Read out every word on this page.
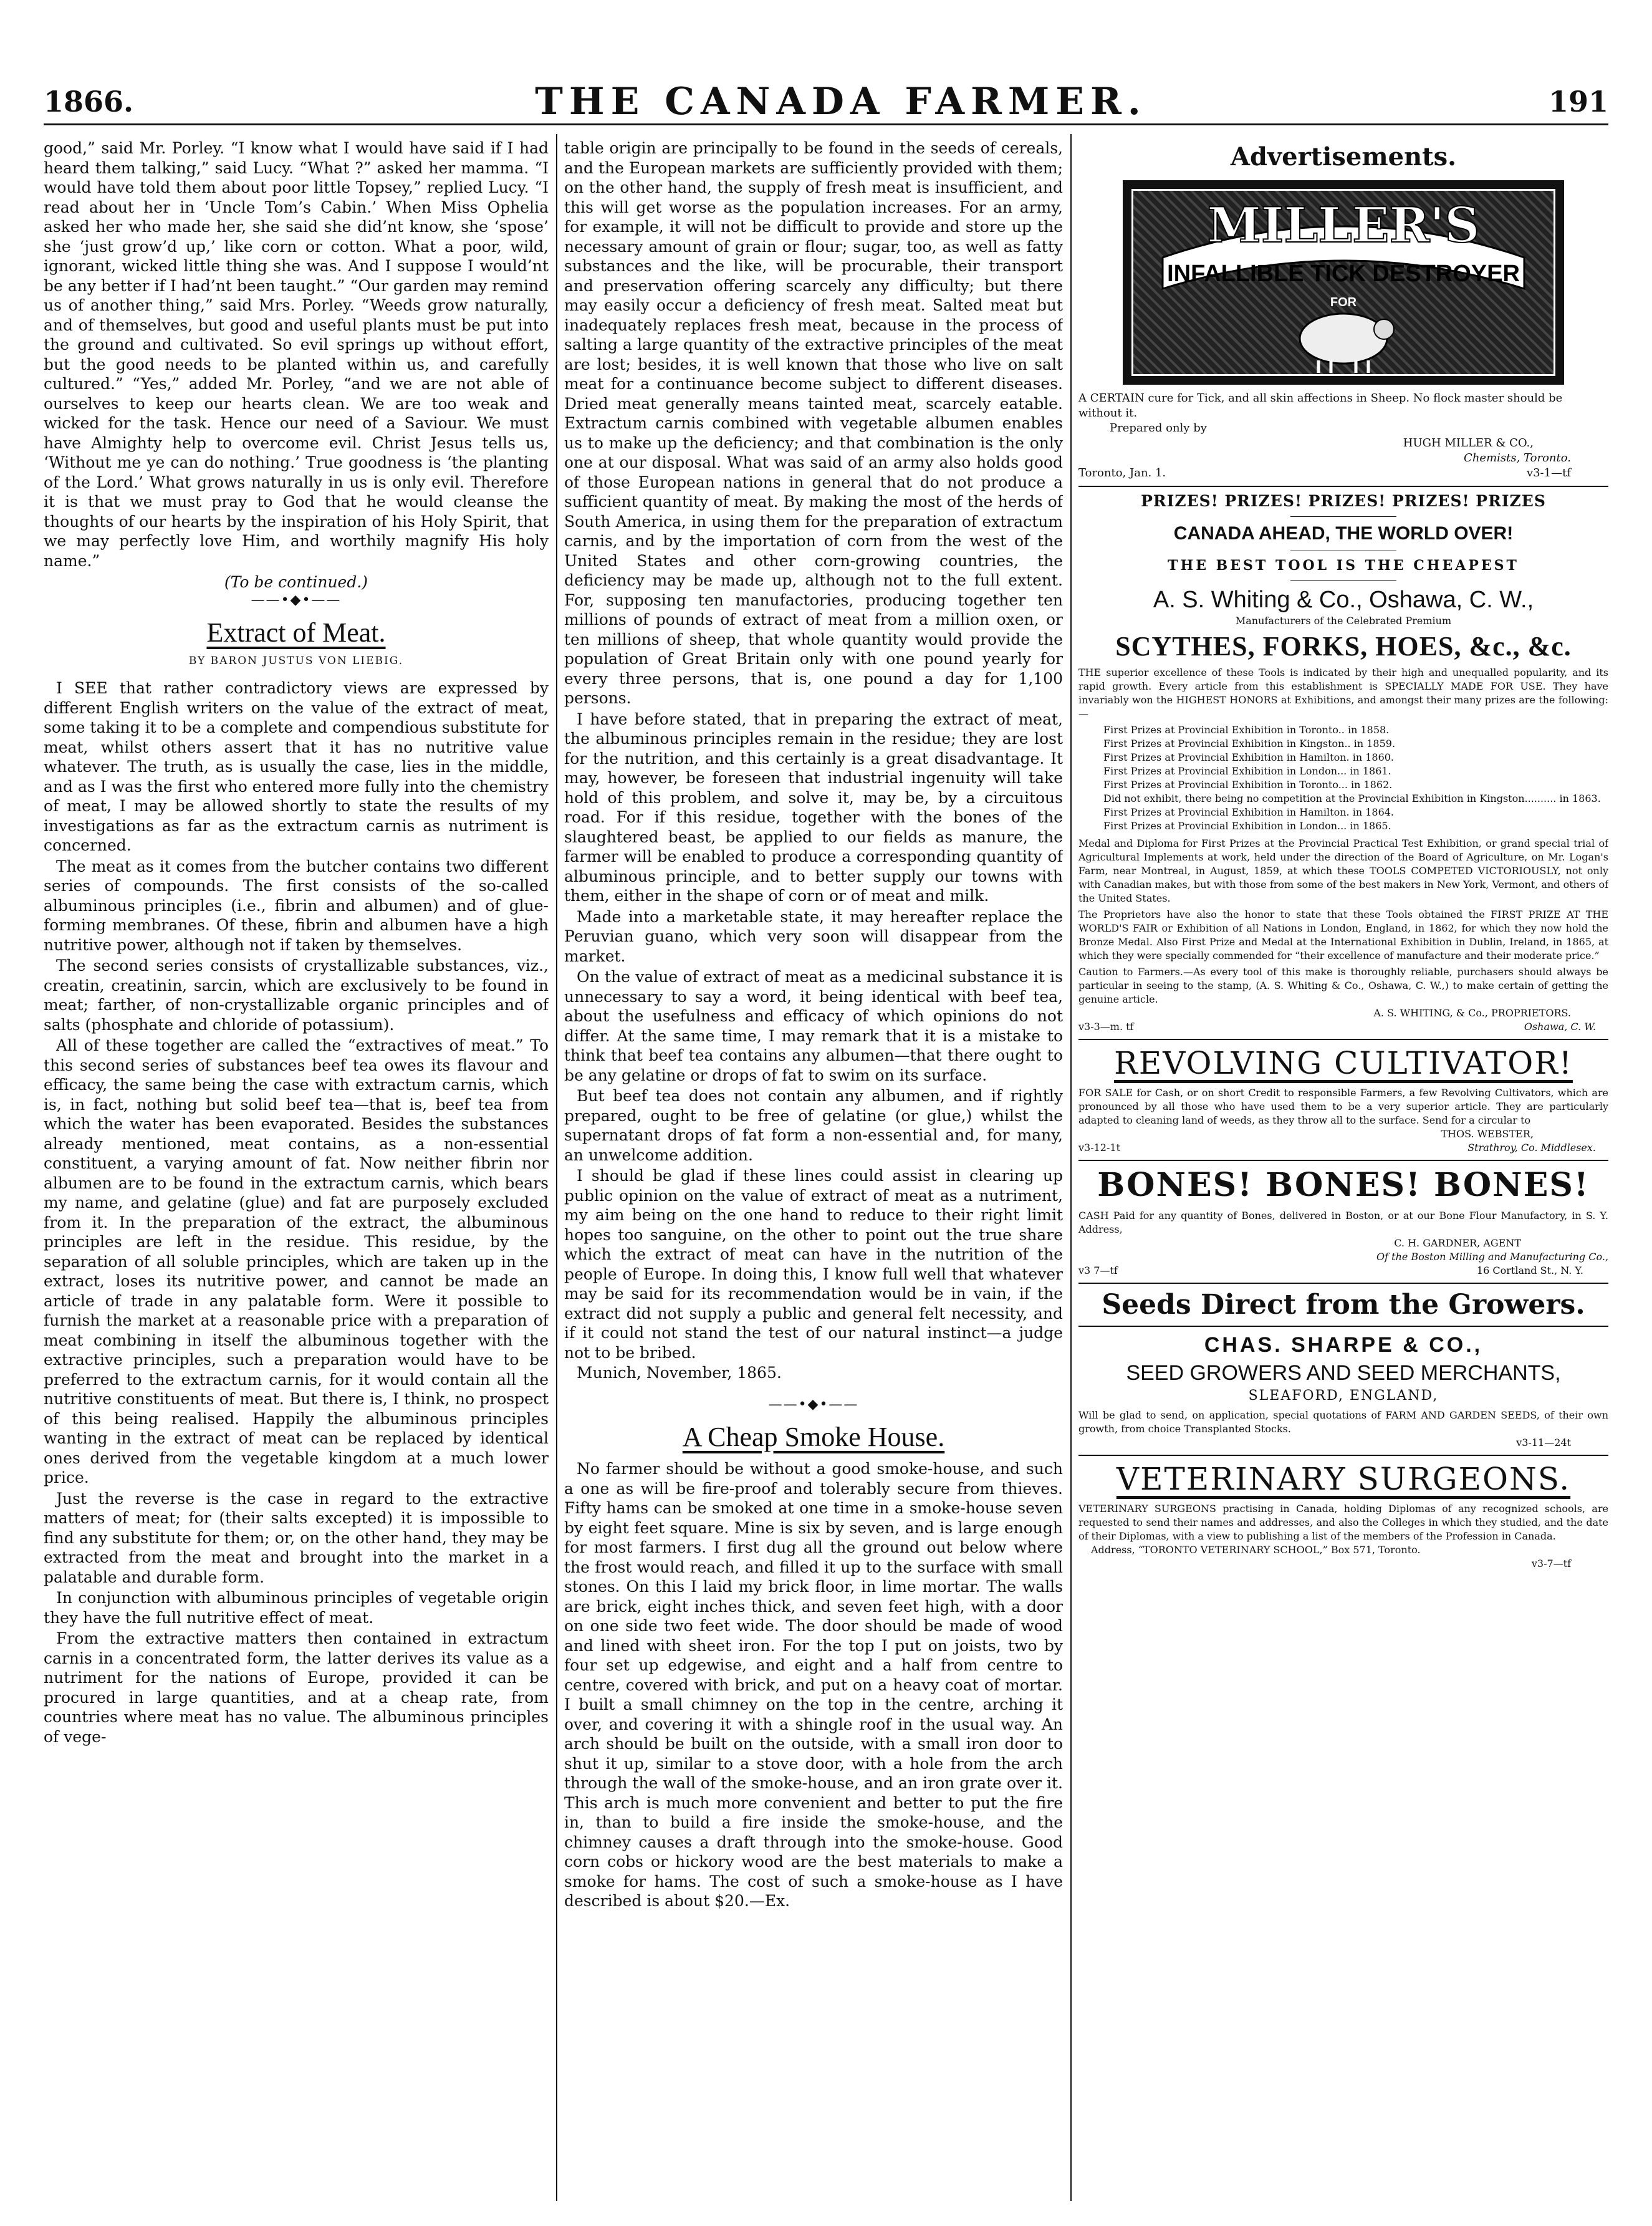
1866.	THE CANADA FARMER.	191

good,” said Mr. Porley. “I know what I would have said if I had heard them talking,” said Lucy. “What ?” asked her mamma. “I would have told them about poor little Topsey,” replied Lucy. “I read about her in ‘Uncle Tom’s Cabin.’ When Miss Ophelia asked her who made her, she said she did’nt know, she ‘spose’ she ‘just grow’d up,’ like corn or cotton. What a poor, wild, ignorant, wicked little thing she was. And I suppose I would’nt be any better if I had’nt been taught.” “Our garden may remind us of another thing,” said Mrs. Porley. “Weeds grow naturally, and of themselves, but good and useful plants must be put into the ground and cultivated. So evil springs up without effort, but the good needs to be planted within us, and carefully cultured.” “Yes,” added Mr. Porley, “and we are not able of ourselves to keep our hearts clean. We are too weak and wicked for the task. Hence our need of a Saviour. We must have Almighty help to overcome evil. Christ Jesus tells us, ‘Without me ye can do nothing.’ True goodness is ‘the planting of the Lord.’ What grows naturally in us is only evil. Therefore it is that we must pray to God that he would cleanse the thoughts of our hearts by the inspiration of his Holy Spirit, that we may perfectly love Him, and worthily magnify His holy name.”

(To be continued.)
——•◆•——
Extract of Meat.
BY BARON JUSTUS VON LIEBIG.

I SEE that rather contradictory views are expressed by different English writers on the value of the extract of meat, some taking it to be a complete and compendious substitute for meat, whilst others assert that it has no nutritive value whatever. The truth, as is usually the case, lies in the middle, and as I was the first who entered more fully into the chemistry of meat, I may be allowed shortly to state the results of my investigations as far as the extractum carnis as nutriment is concerned.

The meat as it comes from the butcher contains two different series of compounds. The first consists of the so-called albuminous principles (i.e., fibrin and albumen) and of glue-forming membranes. Of these, fibrin and albumen have a high nutritive power, although not if taken by themselves.

The second series consists of crystallizable substances, viz., creatin, creatinin, sarcin, which are exclusively to be found in meat; farther, of non-crystallizable organic principles and of salts (phosphate and chloride of potassium).

All of these together are called the “extractives of meat.” To this second series of substances beef tea owes its flavour and efficacy, the same being the case with extractum carnis, which is, in fact, nothing but solid beef tea—that is, beef tea from which the water has been evaporated. Besides the substances already mentioned, meat contains, as a non-essential constituent, a varying amount of fat. Now neither fibrin nor albumen are to be found in the extractum carnis, which bears my name, and gelatine (glue) and fat are purposely excluded from it. In the preparation of the extract, the albuminous principles are left in the residue. This residue, by the separation of all soluble principles, which are taken up in the extract, loses its nutritive power, and cannot be made an article of trade in any palatable form. Were it possible to furnish the market at a reasonable price with a preparation of meat combining in itself the albuminous together with the extractive principles, such a preparation would have to be preferred to the extractum carnis, for it would contain all the nutritive constituents of meat. But there is, I think, no prospect of this being realised. Happily the albuminous principles wanting in the extract of meat can be replaced by identical ones derived from the vegetable kingdom at a much lower price.

Just the reverse is the case in regard to the extractive matters of meat; for (their salts excepted) it is impossible to find any substitute for them; or, on the other hand, they may be extracted from the meat and brought into the market in a palatable and durable form.

In conjunction with albuminous principles of vegetable origin they have the full nutritive effect of meat.

From the extractive matters then contained in extractum carnis in a concentrated form, the latter derives its value as a nutriment for the nations of Europe, provided it can be procured in large quantities, and at a cheap rate, from countries where meat has no value. The albuminous principles of vege-

table origin are principally to be found in the seeds of cereals, and the European markets are sufficiently provided with them; on the other hand, the supply of fresh meat is insufficient, and this will get worse as the population increases. For an army, for example, it will not be difficult to provide and store up the necessary amount of grain or flour; sugar, too, as well as fatty substances and the like, will be procurable, their transport and preservation offering scarcely any difficulty; but there may easily occur a deficiency of fresh meat. Salted meat but inadequately replaces fresh meat, because in the process of salting a large quantity of the extractive principles of the meat are lost; besides, it is well known that those who live on salt meat for a continuance become subject to different diseases. Dried meat generally means tainted meat, scarcely eatable. Extractum carnis combined with vegetable albumen enables us to make up the deficiency; and that combination is the only one at our disposal. What was said of an army also holds good of those European nations in general that do not produce a sufficient quantity of meat. By making the most of the herds of South America, in using them for the preparation of extractum carnis, and by the importation of corn from the west of the United States and other corn-growing countries, the deficiency may be made up, although not to the full extent. For, supposing ten manufactories, producing together ten millions of pounds of extract of meat from a million oxen, or ten millions of sheep, that whole quantity would provide the population of Great Britain only with one pound yearly for every three persons, that is, one pound a day for 1,100 persons.

I have before stated, that in preparing the extract of meat, the albuminous principles remain in the residue; they are lost for the nutrition, and this certainly is a great disadvantage. It may, however, be foreseen that industrial ingenuity will take hold of this problem, and solve it, may be, by a circuitous road. For if this residue, together with the bones of the slaughtered beast, be applied to our fields as manure, the farmer will be enabled to produce a corresponding quantity of albuminous principle, and to better supply our towns with them, either in the shape of corn or of meat and milk.

Made into a marketable state, it may hereafter replace the Peruvian guano, which very soon will disappear from the market.

On the value of extract of meat as a medicinal substance it is unnecessary to say a word, it being identical with beef tea, about the usefulness and efficacy of which opinions do not differ. At the same time, I may remark that it is a mistake to think that beef tea contains any albumen—that there ought to be any gelatine or drops of fat to swim on its surface.

But beef tea does not contain any albumen, and if rightly prepared, ought to be free of gelatine (or glue,) whilst the supernatant drops of fat form a non-essential and, for many, an unwelcome addition.

I should be glad if these lines could assist in clearing up public opinion on the value of extract of meat as a nutriment, my aim being on the one hand to reduce to their right limit hopes too sanguine, on the other to point out the true share which the extract of meat can have in the nutrition of the people of Europe. In doing this, I know full well that whatever may be said for its recommendation would be in vain, if the extract did not supply a public and general felt necessity, and if it could not stand the test of our natural instinct—a judge not to be bribed.

Munich, November, 1865.
——•◆•——
A Cheap Smoke House.

No farmer should be without a good smoke-house, and such a one as will be fire-proof and tolerably secure from thieves. Fifty hams can be smoked at one time in a smoke-house seven by eight feet square. Mine is six by seven, and is large enough for most farmers. I first dug all the ground out below where the frost would reach, and filled it up to the surface with small stones. On this I laid my brick floor, in lime mortar. The walls are brick, eight inches thick, and seven feet high, with a door on one side two feet wide. The door should be made of wood and lined with sheet iron. For the top I put on joists, two by four set up edgewise, and eight and a half from centre to centre, covered with brick, and put on a heavy coat of mortar. I built a small chimney on the top in the centre, arching it over, and covering it with a shingle roof in the usual way. An arch should be built on the outside, with a small iron door to shut it up, similar to a stove door, with a hole from the arch through the wall of the smoke-house, and an iron grate over it. This arch is much more convenient and better to put the fire in, than to build a fire inside the smoke-house, and the chimney causes a draft through into the smoke-house. Good corn cobs or hickory wood are the best materials to make a smoke for hams. The cost of such a smoke-house as I have described is about $20.—Ex.

Advertisements.
MILLER'S
INFALLIBLE TICK DESTROYER
FOR
A CERTAIN cure for Tick, and all skin affections in Sheep. No flock master should be without it.
Prepared only by
HUGH MILLER & CO.,
Chemists, Toronto.
Toronto, Jan. 1.	v3-1—tf
PRIZES! PRIZES! PRIZES! PRIZES! PRIZES
CANADA AHEAD, THE WORLD OVER!
THE BEST TOOL IS THE CHEAPEST
A. S. Whiting & Co., Oshawa, C. W.,
Manufacturers of the Celebrated Premium
SCYTHES, FORKS, HOES, &c., &c.
THE superior excellence of these Tools is indicated by their high and unequalled popularity, and its rapid growth. Every article from this establishment is SPECIALLY MADE FOR USE. They have invariably won the HIGHEST HONORS at Exhibitions, and amongst their many prizes are the following:—
First Prizes at Provincial Exhibition in Toronto.. in 1858.
First Prizes at Provincial Exhibition in Kingston.. in 1859.
First Prizes at Provincial Exhibition in Hamilton. in 1860.
First Prizes at Provincial Exhibition in London... in 1861.
First Prizes at Provincial Exhibition in Toronto... in 1862.
Did not exhibit, there being no competition at the Provincial Exhibition in Kingston.......... in 1863.
First Prizes at Provincial Exhibition in Hamilton. in 1864.
First Prizes at Provincial Exhibition in London... in 1865.
Medal and Diploma for First Prizes at the Provincial Practical Test Exhibition, or grand special trial of Agricultural Implements at work, held under the direction of the Board of Agriculture, on Mr. Logan's Farm, near Montreal, in August, 1859, at which these TOOLS COMPETED VICTORIOUSLY, not only with Canadian makes, but with those from some of the best makers in New York, Vermont, and others of the United States.
The Proprietors have also the honor to state that these Tools obtained the FIRST PRIZE AT THE WORLD'S FAIR or Exhibition of all Nations in London, England, in 1862, for which they now hold the Bronze Medal. Also First Prize and Medal at the International Exhibition in Dublin, Ireland, in 1865, at which they were specially commended for “their excellence of manufacture and their moderate price.”
Caution to Farmers.—As every tool of this make is thoroughly reliable, purchasers should always be particular in seeing to the stamp, (A. S. Whiting & Co., Oshawa, C. W.,) to make certain of getting the genuine article.
A. S. WHITING, & Co., PROPRIETORS.
v3-3—m. tf	Oshawa, C. W.
REVOLVING CULTIVATOR!
FOR SALE for Cash, or on short Credit to responsible Farmers, a few Revolving Cultivators, which are pronounced by all those who have used them to be a very superior article. They are particularly adapted to cleaning land of weeds, as they throw all to the surface. Send for a circular to
THOS. WEBSTER,
v3-12-1t	Strathroy, Co. Middlesex.
BONES! BONES! BONES!
CASH Paid for any quantity of Bones, delivered in Boston, or at our Bone Flour Manufactory, in S. Y. Address,
C. H. GARDNER, AGENT
Of the Boston Milling and Manufacturing Co.,
v3 7—tf	16 Cortland St., N. Y.
Seeds Direct from the Growers.
CHAS. SHARPE & CO.,
SEED GROWERS AND SEED MERCHANTS,
SLEAFORD, ENGLAND,
Will be glad to send, on application, special quotations of FARM AND GARDEN SEEDS, of their own growth, from choice Transplanted Stocks.
v3-11—24t
VETERINARY SURGEONS.
VETERINARY SURGEONS practising in Canada, holding Diplomas of any recognized schools, are requested to send their names and addresses, and also the Colleges in which they studied, and the date of their Diplomas, with a view to publishing a list of the members of the Profession in Canada.
Address, “TORONTO VETERINARY SCHOOL,” Box 571, Toronto.
v3-7—tf
